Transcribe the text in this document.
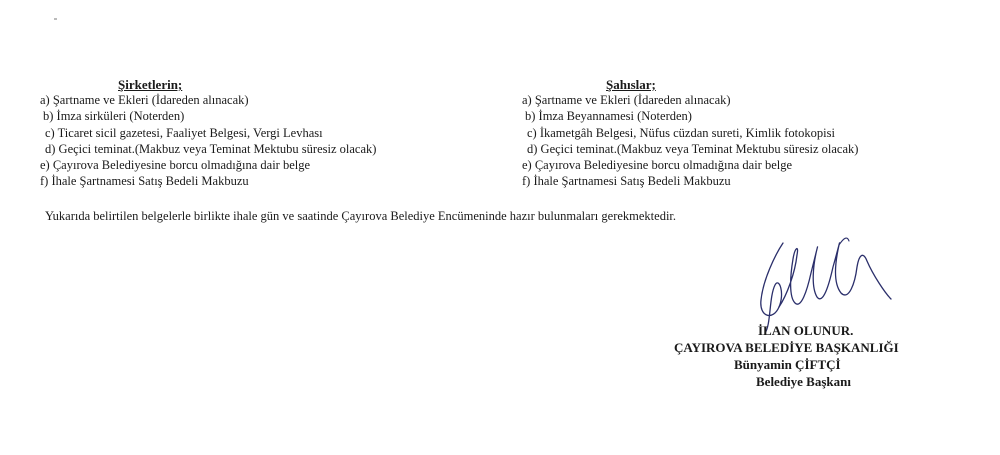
Şirketlerin;
a) Şartname ve Ekleri (İdareden alınacak)
b) İmza sirküleri (Noterden)
c) Ticaret sicil gazetesi, Faaliyet Belgesi, Vergi Levhası
d) Geçici teminat.(Makbuz veya Teminat Mektubu süresiz olacak)
e) Çayırova Belediyesine borcu olmadığına dair belge
f) İhale Şartnamesi Satış Bedeli Makbuzu
Şahıslar;
a) Şartname ve Ekleri (İdareden alınacak)
b) İmza Beyannamesi (Noterden)
c) İkametgâh Belgesi, Nüfus cüzdan sureti, Kimlik fotokopisi
d) Geçici teminat.(Makbuz veya Teminat Mektubu süresiz olacak)
e) Çayırova Belediyesine borcu olmadığına dair belge
f) İhale Şartnamesi Satış Bedeli Makbuzu
Yukarıda belirtilen belgelerle birlikte ihale gün ve saatinde Çayırova Belediye Encümeninde hazır bulunmaları gerekmektedir.
İLAN OLUNUR.
ÇAYIROVA BELEDİYE BAŞKANLIĞI
Bünyamin ÇİFTÇİ
Belediye Başkanı
